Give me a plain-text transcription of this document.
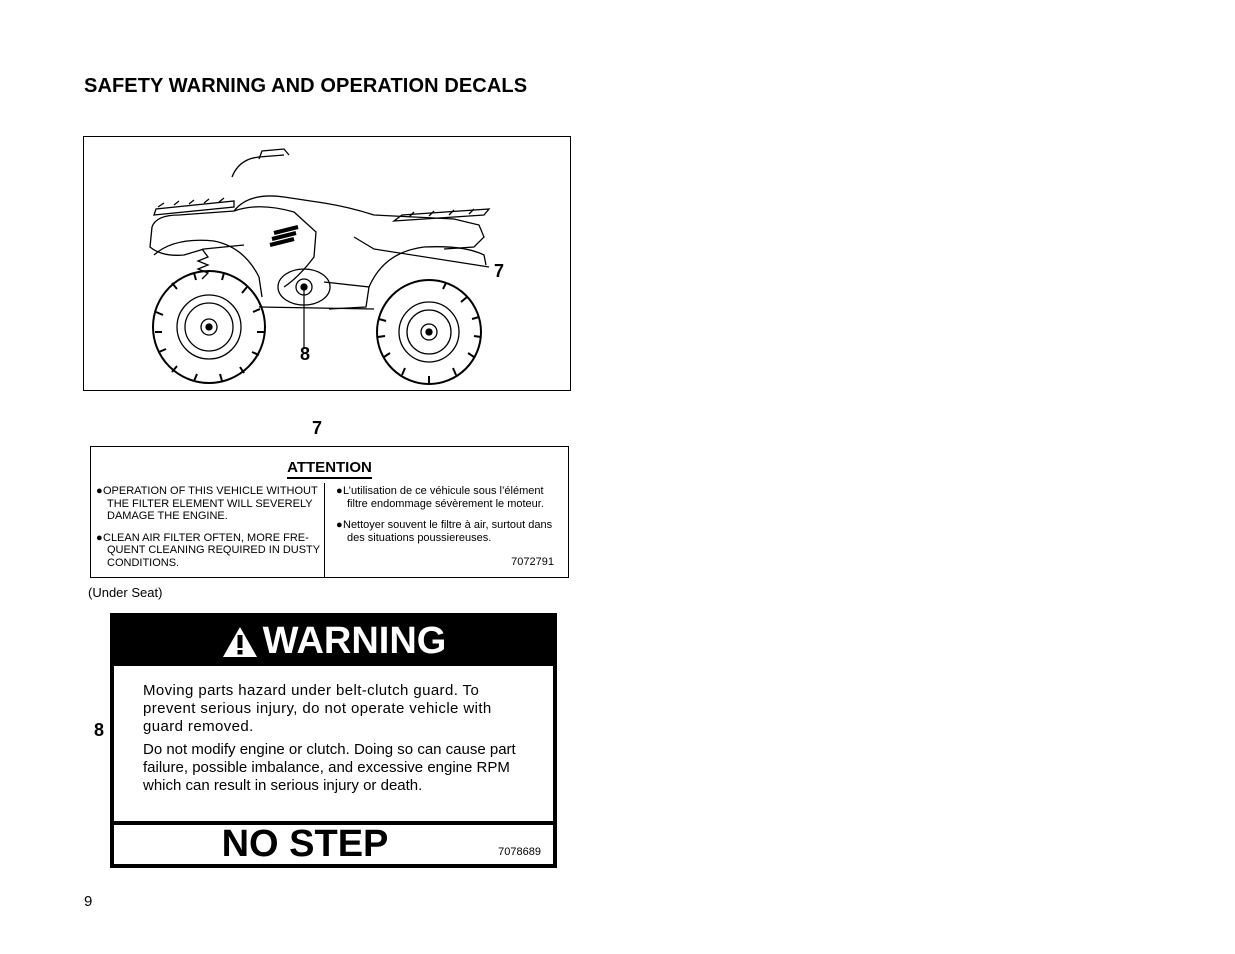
SAFETY WARNING AND OPERATION DECALS
7
8
7
ATTENTION

●OPERATION OF THIS VEHICLE WITHOUT THE FILTER ELEMENT WILL SEVERELY DAMAGE THE ENGINE.

●CLEAN AIR FILTER OFTEN, MORE FRE-QUENT CLEANING REQUIRED IN DUSTY CONDITIONS.

●L’utilisation de ce véhicule sous l’élément filtre endommage sévèrement le moteur.

●Nettoyer souvent le filtre à air, surtout dans des situations poussiereuses.

7072791
(Under Seat)
8
WARNING

Moving parts hazard under belt-clutch guard. To prevent serious injury, do not operate vehicle with guard removed.

Do not modify engine or clutch. Doing so can cause part failure, possible imbalance, and excessive engine RPM which can result in serious injury or death.

NO STEP	7078689
9
